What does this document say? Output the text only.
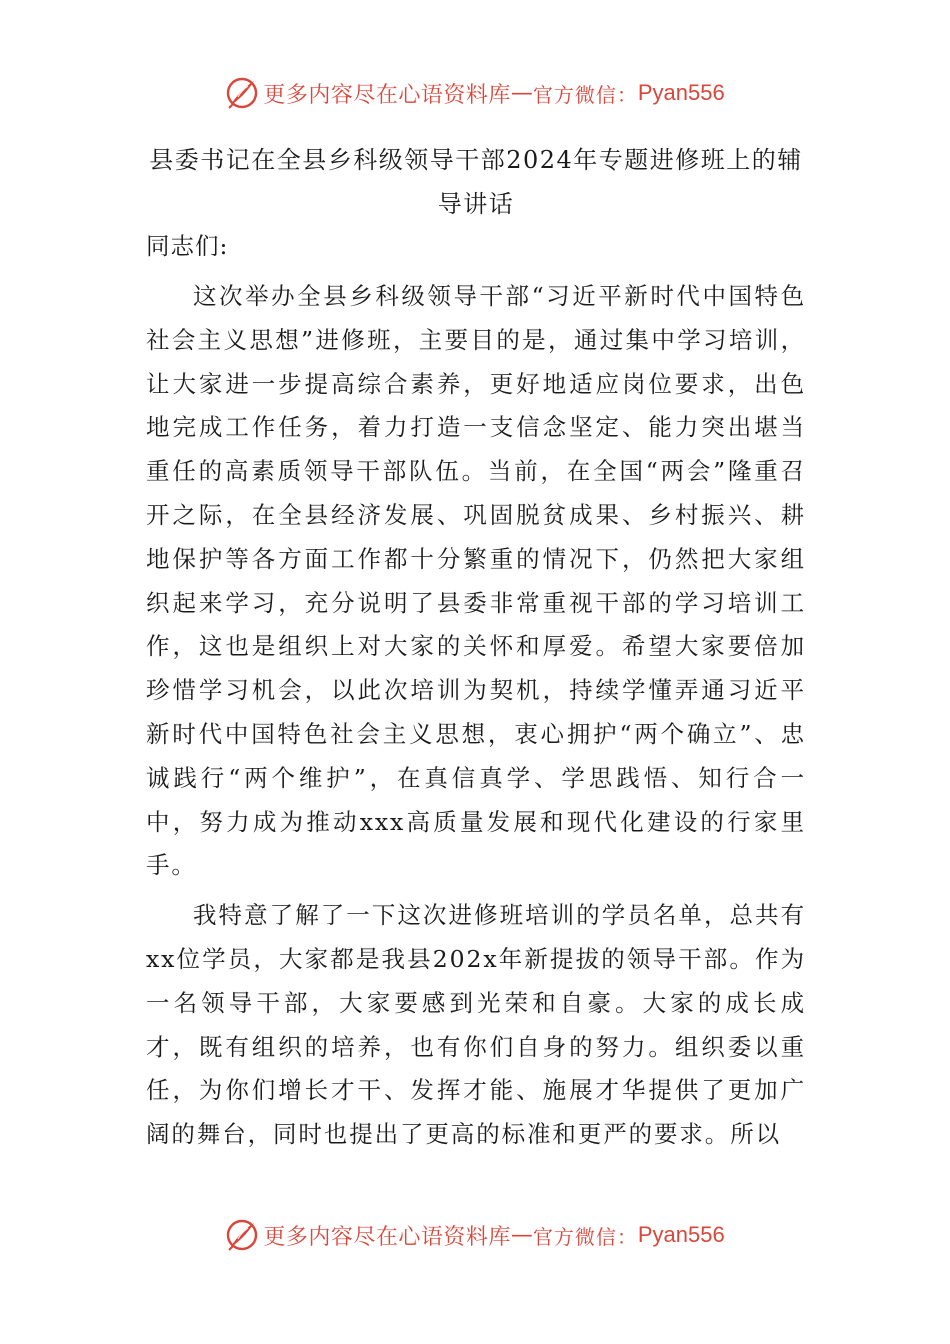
更多内容尽在心语资料库 — 官方微信： Pyan556
县委书记在全县乡科级领导干部2024年专题进修班上的辅导讲话
同志们:

这次举办全县乡科级领导干部“习近平新时代中国特色社会主义思想”进修班，主要目的是，通过集中学习培训，让大家进一步提高综合素养，更好地适应岗位要求，出色地完成工作任务，着力打造一支信念坚定、能力突出堪当重任的高素质领导干部队伍。当前，在全国“两会”隆重召开之际，在全县经济发展、巩固脱贫成果、乡村振兴、耕地保护等各方面工作都十分繁重的情况下，仍然把大家组织起来学习，充分说明了县委非常重视干部的学习培训工作，这也是组织上对大家的关怀和厚爱。希望大家要倍加珍惜学习机会，以此次培训为契机，持续学懂弄通习近平新时代中国特色社会主义思想，衷心拥护“两个确立”、忠诚践行“两个维护”，在真信真学、学思践悟、知行合一中，努力成为推动xxx高质量发展和现代化建设的行家里手。

我特意了解了一下这次进修班培训的学员名单，总共有xx位学员，大家都是我县202x年新提拔的领导干部。作为一名领导干部，大家要感到光荣和自豪。大家的成长成才，既有组织的培养，也有你们自身的努力。组织委以重任，为你们增长才干、发挥才能、施展才华提供了更加广阔的舞台，同时也提出了更高的标准和更严的要求。所以

更多内容尽在心语资料库 — 官方微信： Pyan556
